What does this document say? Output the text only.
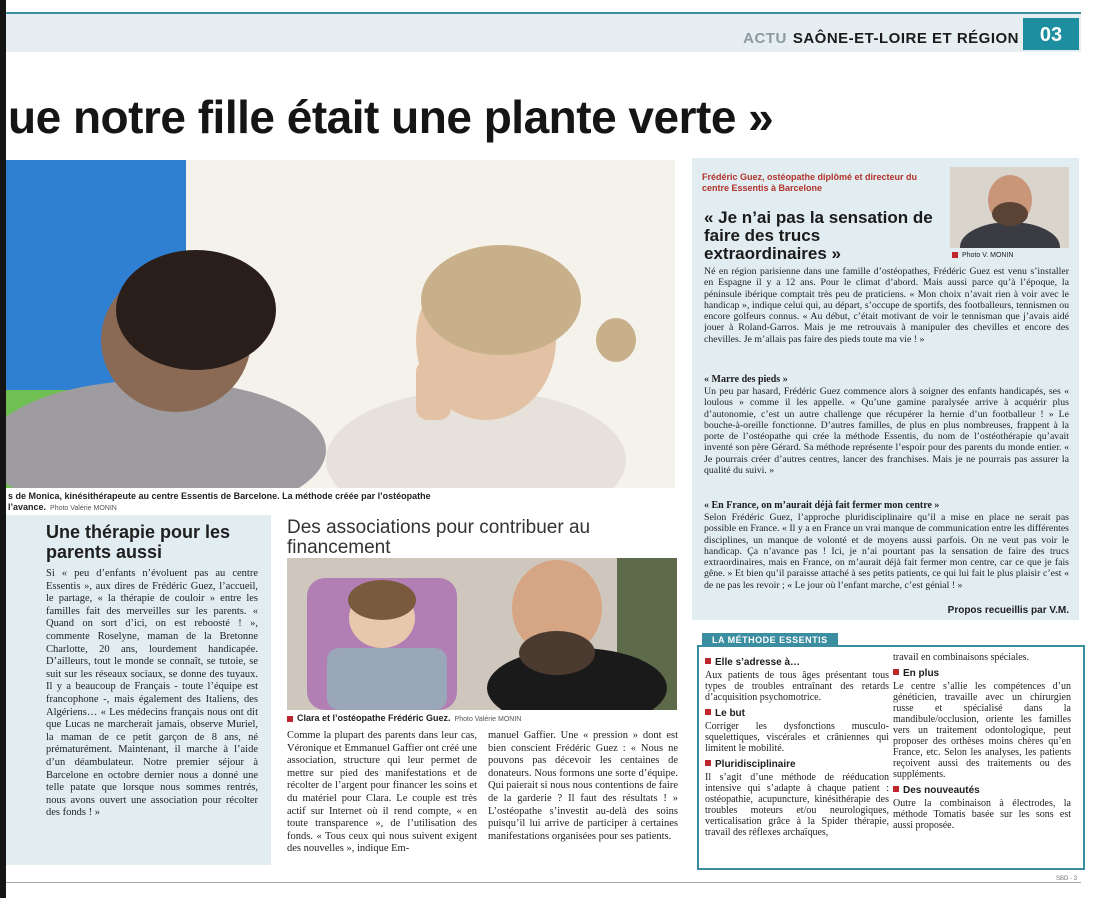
ACTU SAÔNE-ET-LOIRE ET RÉGION	03
ue notre fille était une plante verte »
s de Monica, kinésithérapeute au centre Essentis de Barcelone. La méthode créée par l’ostéopathe
l’avance. Photo Valérie MONIN
Une thérapie pour les parents aussi
Si « peu d’enfants n’évoluent pas au centre Essentis », aux dires de Frédéric Guez, l’accueil, le partage, « la thérapie de couloir » entre les familles fait des merveilles sur les parents. « Quand on sort d’ici, on est reboosté ! », commente Roselyne, maman de la Bretonne Charlotte, 20 ans, lourdement handicapée. D’ailleurs, tout le monde se connaît, se tutoie, se suit sur les réseaux sociaux, se donne des tuyaux. Il y a beaucoup de Français - toute l’équipe est francophone -, mais également des Italiens, des Algériens… « Les médecins français nous ont dit que Lucas ne marcherait jamais, observe Muriel, la maman de ce petit garçon de 8 ans, né prématurément. Maintenant, il marche à l’aide d’un déambulateur. Notre premier séjour à Barcelone en octobre dernier nous a donné une telle patate que lorsque nous sommes rentrés, nous avons ouvert une association pour récolter des fonds ! »
Des associations pour contribuer au financement
Clara et l’ostéopathe Frédéric Guez. Photo Valérie MONIN
Comme la plupart des parents dans leur cas, Véronique et Emmanuel Gaffier ont créé une association, structure qui leur permet de mettre sur pied des manifestations et de récolter de l’argent pour financer les soins et du matériel pour Clara. Le couple est très actif sur Internet où il rend compte, « en toute transparence », de l’utilisation des fonds. « Tous ceux qui nous suivent exigent des nouvelles », indique Em-
manuel Gaffier. Une « pression » dont est bien conscient Frédéric Guez : « Nous ne pouvons pas décevoir les centaines de donateurs. Nous formons une sorte d’équipe. Qui paierait si nous nous contentions de faire de la garderie ? Il faut des résultats ! » L’ostéopathe s’investit au-delà des soins puisqu’il lui arrive de participer à certaines manifestations organisées pour ses patients.
Frédéric Guez, ostéopathe diplômé et directeur du centre Essentis à Barcelone
« Je n’ai pas la sensation de faire des trucs extraordinaires »	Photo V. MONIN
Né en région parisienne dans une famille d’ostéopathes, Frédéric Guez est venu s’installer en Espagne il y a 12 ans. Pour le climat d’abord. Mais aussi parce qu’à l’époque, la péninsule ibérique comptait très peu de praticiens. « Mon choix n’avait rien à voir avec le handicap », indique celui qui, au départ, s’occupe de sportifs, des footballeurs, tennismen ou encore golfeurs connus. « Au début, c’était motivant de voir le tennisman que j’avais aidé jouer à Roland-Garros. Mais je me retrouvais à manipuler des chevilles et encore des chevilles. Je m’allais pas faire des pieds toute ma vie ! »
« Marre des pieds »
Un peu par hasard, Frédéric Guez commence alors à soigner des enfants handicapés, ses « loulous » comme il les appelle. « Qu’une gamine paralysée arrive à acquérir plus d’autonomie, c’est un autre challenge que récupérer la hernie d’un footballeur ! » Le bouche-à-oreille fonctionne. D’autres familles, de plus en plus nombreuses, frappent à la porte de l’ostéopathe qui crée la méthode Essentis, du nom de l’ostéothérapie qu’avait inventé son père Gérard. Sa méthode représente l’espoir pour des parents du monde entier. « Je pourrais créer d’autres centres, lancer des franchises. Mais je ne pourrais pas assurer la qualité du suivi. »
« En France, on m’aurait déjà fait fermer mon centre »
Selon Frédéric Guez, l’approche pluridisciplinaire qu’il a mise en place ne serait pas possible en France. « Il y a en France un vrai manque de communication entre les différentes disciplines, un manque de volonté et de moyens aussi parfois. On ne veut pas voir le handicap. Ça n’avance pas ! Ici, je n’ai pourtant pas la sensation de faire des trucs extraordinaires, mais en France, on m’aurait déjà fait fermer mon centre, car ce que je fais gêne. » Et bien qu’il paraisse attaché à ses petits patients, ce qui lui fait le plus plaisir c’est « de ne pas les revoir ; « Le jour où l’enfant marche, c’est génial ! »
Propos recueillis par V.M.
LA MÉTHODE ESSENTIS
Elle s’adresse à…
Aux patients de tous âges présentant tous types de troubles entraînant des retards d’acquisition psychomotrice.
Le but
Corriger les dysfonctions musculo-squelettiques, viscérales et crâniennes qui limitent le mobilité.
Pluridisciplinaire
Il s’agit d’une méthode de rééducation intensive qui s’adapte à chaque patient : ostéopathie, acupuncture, kinésithérapie des troubles moteurs et/ou neurologiques, verticalisation grâce à la Spider thérapie, travail des réflexes archaïques,
travail en combinaisons spéciales.
En plus
Le centre s’allie les compétences d’un généticien, travaille avec un chirurgien russe et spécialisé dans la mandibule/occlusion, oriente les familles vers un traitement odontologique, peut proposer des orthèses moins chères qu’en France, etc. Selon les analyses, les patients reçoivent aussi des traitements ou des suppléments.
Des nouveautés
Outre la combinaison à électrodes, la méthode Tomatis basée sur les sons est aussi proposée.
SBD - 3
